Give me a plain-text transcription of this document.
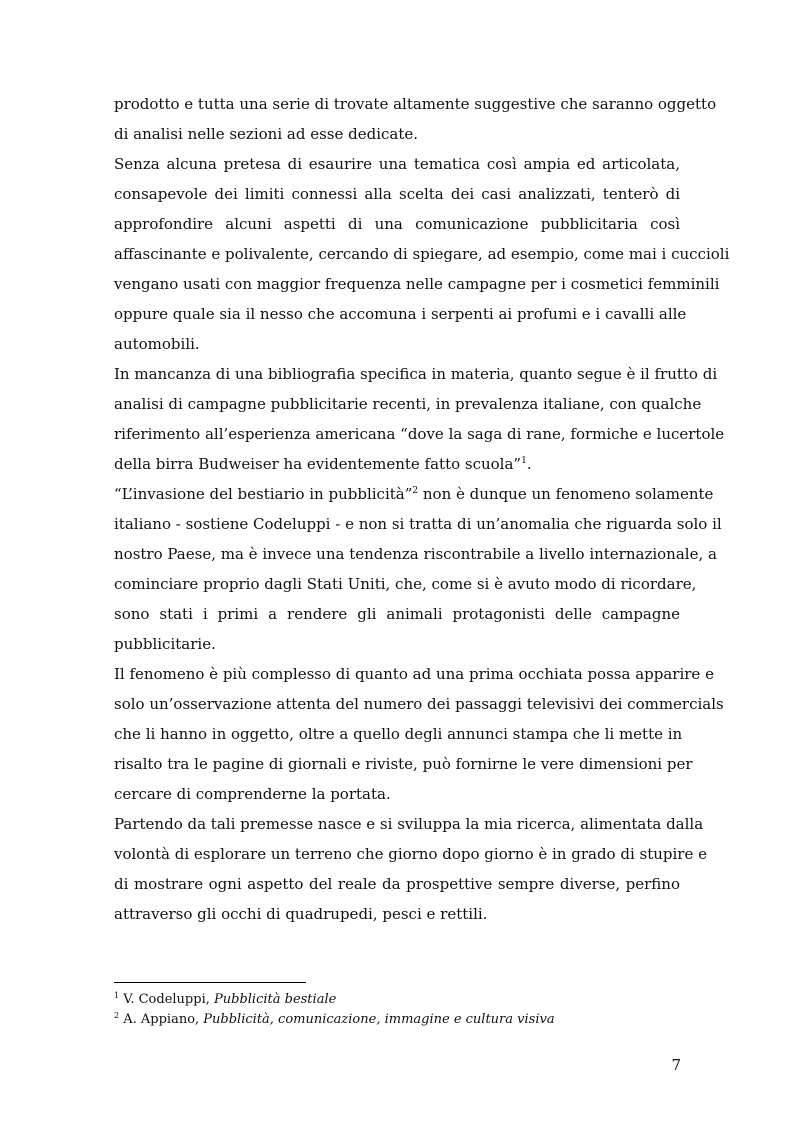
prodotto e tutta una serie di trovate altamente suggestive che saranno oggetto
di analisi nelle sezioni ad esse dedicate.
Senza alcuna pretesa di esaurire una tematica così ampia ed articolata,
consapevole dei limiti connessi alla scelta dei casi analizzati, tenterò di
approfondire alcuni aspetti di una comunicazione pubblicitaria così
affascinante e polivalente, cercando di spiegare, ad esempio, come mai i cuccioli
vengano usati con maggior frequenza nelle campagne per i cosmetici femminili
oppure quale sia il nesso che accomuna i serpenti ai profumi e i cavalli alle
automobili.
In mancanza di una bibliografia specifica in materia, quanto segue è il frutto di
analisi di campagne pubblicitarie recenti, in prevalenza italiane, con qualche
riferimento all’esperienza americana “dove la saga di rane, formiche e lucertole
della birra Budweiser ha evidentemente fatto scuola”$^1$.
“L’invasione del bestiario in pubblicità”$^2$ non è dunque un fenomeno solamente
italiano - sostiene Codeluppi - e non si tratta di un’anomalia che riguarda solo il
nostro Paese, ma è invece una tendenza riscontrabile a livello internazionale, a
cominciare proprio dagli Stati Uniti, che, come si è avuto modo di ricordare,
sono stati i primi a rendere gli animali protagonisti delle campagne
pubblicitarie.
Il fenomeno è più complesso di quanto ad una prima occhiata possa apparire e
solo un’osservazione attenta del numero dei passaggi televisivi dei commercials
che li hanno in oggetto, oltre a quello degli annunci stampa che li mette in
risalto tra le pagine di giornali e riviste, può fornirne le vere dimensioni per
cercare di comprenderne la portata.
Partendo da tali premesse nasce e si sviluppa la mia ricerca, alimentata dalla
volontà di esplorare un terreno che giorno dopo giorno è in grado di stupire e
di mostrare ogni aspetto del reale da prospettive sempre diverse, perfino
attraverso gli occhi di quadrupedi, pesci e rettili.
$^1$ V. Codeluppi, Pubblicità bestiale
$^2$ A. Appiano, Pubblicità, comunicazione, immagine e cultura visiva
7
